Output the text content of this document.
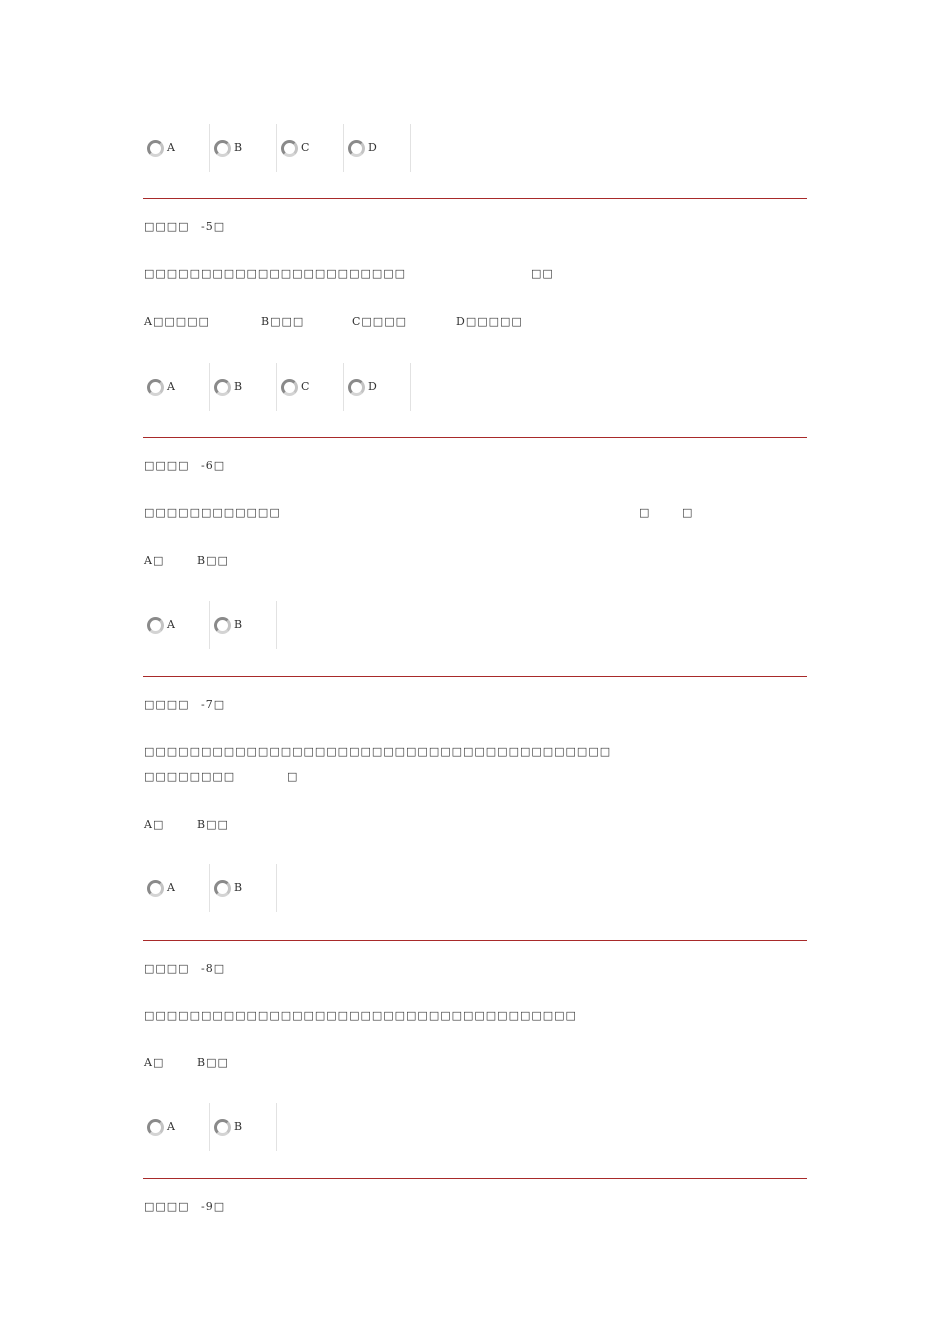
A	B	C	D
□□□□ -5□
□□□□□□□□□□□□□□□□□□□□□□□	□□
A□□□□□	B□□□	C□□□□	D□□□□□
A	B	C	D
□□□□ -6□
□□□□□□□□□□□□	□	□
A□	B□□
A	B
□□□□ -7□
□□□□□□□□□□□□□□□□□□□□□□□□□□□□□□□□□□□□□□□□□
□□□□□□□□	□
A□	B□□
A	B
□□□□ -8□
□□□□□□□□□□□□□□□□□□□□□□□□□□□□□□□□□□□□□□
A□	B□□
A	B
□□□□ -9□
